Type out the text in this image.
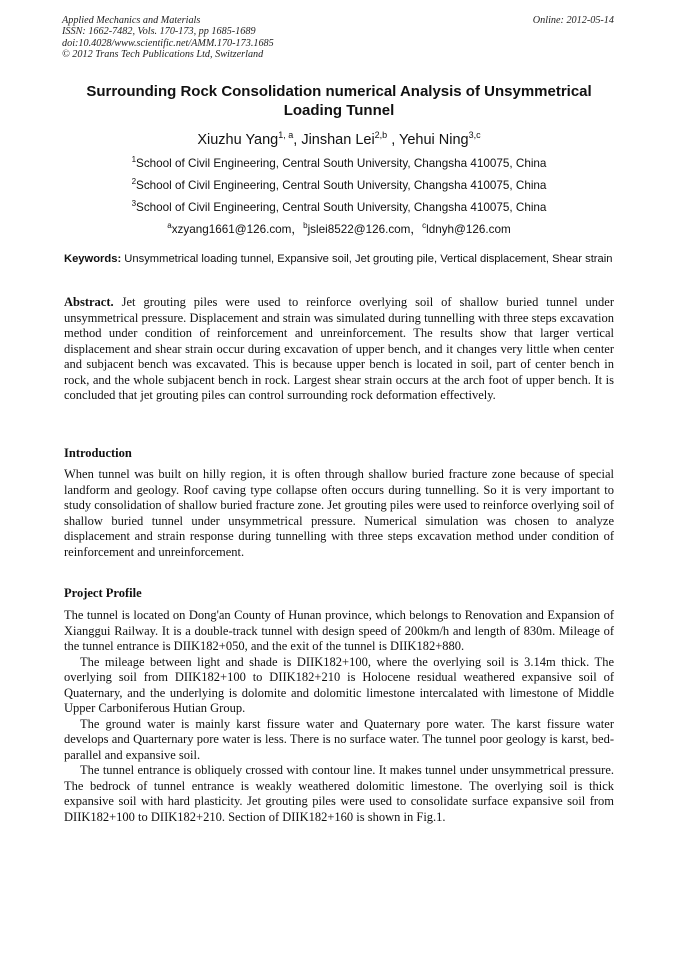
Applied Mechanics and Materials
ISSN: 1662-7482, Vols. 170-173, pp 1685-1689
doi:10.4028/www.scientific.net/AMM.170-173.1685
© 2012 Trans Tech Publications Ltd, Switzerland
Online: 2012-05-14
Surrounding Rock Consolidation numerical Analysis of Unsymmetrical Loading Tunnel
Xiuzhu Yang$^{1, a}$, Jinshan Lei$^{2,b}$ , Yehui Ning$^{3,c}$
$^1$School of Civil Engineering, Central South University, Changsha 410075, China
$^2$School of Civil Engineering, Central South University, Changsha 410075, China
$^3$School of Civil Engineering, Central South University, Changsha 410075, China
$^a$xzyang1661@126.com，$^b$jslei8522@126.com，$^c$ldnyh@126.com
Keywords: Unsymmetrical loading tunnel, Expansive soil, Jet grouting pile, Vertical displacement, Shear strain
Abstract. Jet grouting piles were used to reinforce overlying soil of shallow buried tunnel under unsymmetrical pressure. Displacement and strain was simulated during tunnelling with three steps excavation method under condition of reinforcement and unreinforcement. The results show that larger vertical displacement and shear strain occur during excavation of upper bench, and it changes very little when center and subjacent bench was excavated. This is because upper bench is located in soil, part of center bench in rock, and the whole subjacent bench in rock. Largest shear strain occurs at the arch foot of upper bench. It is concluded that jet grouting piles can control surrounding rock deformation effectively.
Introduction

When tunnel was built on hilly region, it is often through shallow buried fracture zone because of special landform and geology. Roof caving type collapse often occurs during tunnelling. So it is very important to study consolidation of shallow buried fracture zone. Jet grouting piles were used to reinforce overlying soil of shallow buried tunnel under unsymmetrical pressure. Numerical simulation was chosen to analyze displacement and strain response during tunnelling with three steps excavation method under condition of reinforcement and unreinforcement.

Project Profile

The tunnel is located on Dong'an County of Hunan province, which belongs to Renovation and Expansion of Xianggui Railway. It is a double-track tunnel with design speed of 200km/h and length of 830m. Mileage of the tunnel entrance is DIIK182+050, and the exit of the tunnel is DIIK182+880.

The mileage between light and shade is DIIK182+100, where the overlying soil is 3.14m thick. The overlying soil from DIIK182+100 to DIIK182+210 is Holocene residual weathered expansive soil of Quaternary, and the underlying is dolomite and dolomitic limestone intercalated with limestone of Middle Upper Carboniferous Hutian Group.

The ground water is mainly karst fissure water and Quaternary pore water. The karst fissure water develops and Quarternary pore water is less. There is no surface water. The tunnel poor geology is karst, bed-parallel and expansive soil.

The tunnel entrance is obliquely crossed with contour line. It makes tunnel under unsymmetrical pressure. The bedrock of tunnel entrance is weakly weathered dolomitic limestone. The overlying soil is thick expansive soil with hard plasticity. Jet grouting piles were used to consolidate surface expansive soil from DIIK182+100 to DIIK182+210. Section of DIIK182+160 is shown in Fig.1.
